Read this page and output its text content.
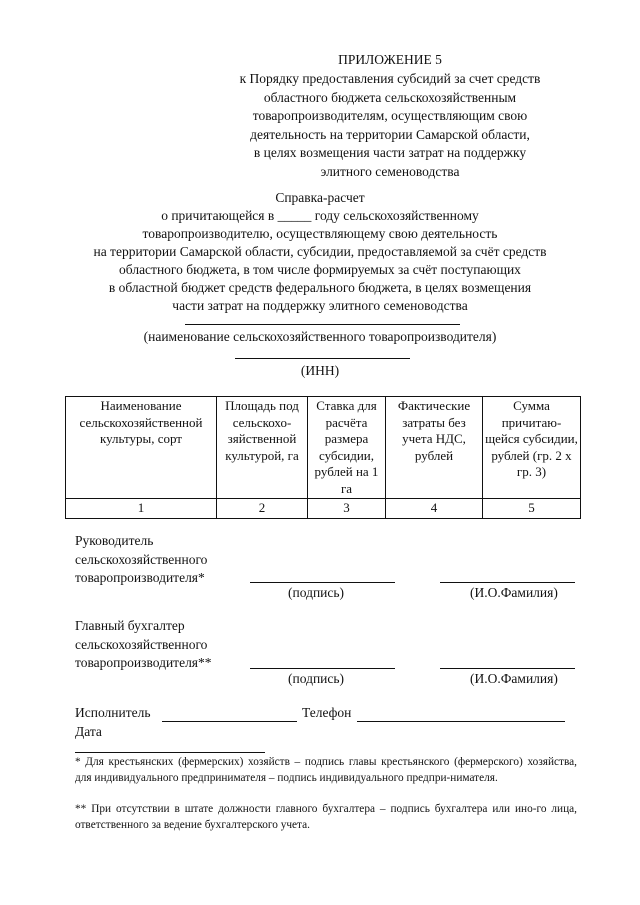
ПРИЛОЖЕНИЕ 5
к Порядку предоставления субсидий за счет средств
областного бюджета сельскохозяйственным
товаропроизводителям, осуществляющим свою
деятельность на территории Самарской области,
в целях возмещения части затрат на поддержку
элитного семеноводства
Справка-расчет
о причитающейся в _____ году сельскохозяйственному
товаропроизводителю, осуществляющему свою деятельность
на территории Самарской области, субсидии, предоставляемой за счёт средств
областного бюджета, в том числе формируемых за счёт поступающих
в областной бюджет средств федерального бюджета, в целях возмещения
части затрат на поддержку элитного семеноводства
(наименование сельскохозяйственного товаропроизводителя)
(ИНН)
Наименование сельскохозяйственной культуры, сорт	Площадь под сельскохо-зяйственной культурой, га	Ставка для расчёта размера субсидии, рублей на 1 га	Фактические затраты без учета НДС, рублей	Сумма причитаю-щейся субсидии, рублей (гр. 2 х гр. 3)
1	2	3	4	5
Руководитель
сельскохозяйственного
товаропроизводителя*
(подпись)	(И.О.Фамилия)
Главный бухгалтер
сельскохозяйственного
товаропроизводителя**
(подпись)	(И.О.Фамилия)
Исполнитель	Телефон
Дата
* Для крестьянских (фермерских) хозяйств – подпись главы крестьянского (фермерского) хозяйства, для индивидуального предпринимателя – подпись индивидуального предпри-нимателя.
** При отсутствии в штате должности главного бухгалтера – подпись бухгалтера или ино-го лица, ответственного за ведение бухгалтерского учета.
